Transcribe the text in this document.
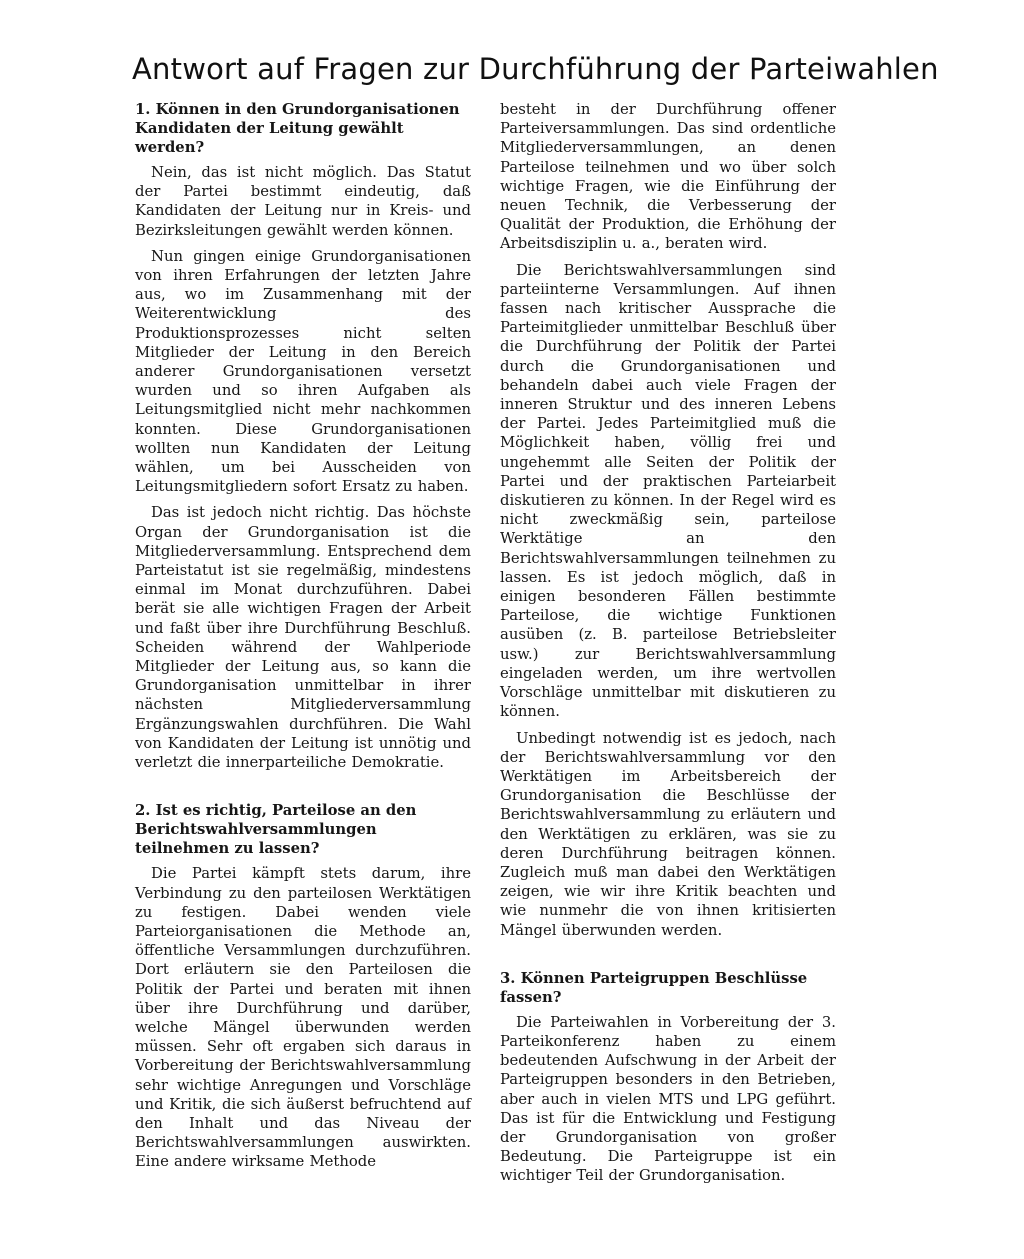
Antwort auf Fragen zur Durchführung der Parteiwahlen
1. Können in den Grundorganisationen Kandidaten der Leitung gewählt werden?

Nein, das ist nicht möglich. Das Statut der Partei bestimmt eindeutig, daß Kandidaten der Leitung nur in Kreis- und Bezirksleitungen gewählt werden können.

Nun gingen einige Grundorganisationen von ihren Erfahrungen der letzten Jahre aus, wo im Zusammenhang mit der Weiterentwicklung des Produktionsprozesses nicht selten Mitglieder der Leitung in den Bereich anderer Grundorganisationen versetzt wurden und so ihren Aufgaben als Leitungsmitglied nicht mehr nachkommen konnten. Diese Grundorganisationen wollten nun Kandidaten der Leitung wählen, um bei Ausscheiden von Leitungsmitgliedern sofort Ersatz zu haben.

Das ist jedoch nicht richtig. Das höchste Organ der Grundorganisation ist die Mitgliederversammlung. Entsprechend dem Parteistatut ist sie regelmäßig, mindestens einmal im Monat durchzuführen. Dabei berät sie alle wichtigen Fragen der Arbeit und faßt über ihre Durchführung Beschluß. Scheiden während der Wahlperiode Mitglieder der Leitung aus, so kann die Grundorganisation unmittelbar in ihrer nächsten Mitgliederversammlung Ergänzungswahlen durchführen. Die Wahl von Kandidaten der Leitung ist unnötig und verletzt die innerparteiliche Demokratie.

2. Ist es richtig, Parteilose an den Berichtswahlversammlungen teilnehmen zu lassen?

Die Partei kämpft stets darum, ihre Verbindung zu den parteilosen Werktätigen zu festigen. Dabei wenden viele Parteiorganisationen die Methode an, öffentliche Versammlungen durchzuführen. Dort erläutern sie den Parteilosen die Politik der Partei und beraten mit ihnen über ihre Durchführung und darüber, welche Mängel überwunden werden müssen. Sehr oft ergaben sich daraus in Vorbereitung der Berichtswahlversammlung sehr wichtige Anregungen und Vorschläge und Kritik, die sich äußerst befruchtend auf den Inhalt und das Niveau der Berichtswahlversammlungen auswirkten. Eine andere wirksame Methode

besteht in der Durchführung offener Parteiversammlungen. Das sind ordentliche Mitgliederversammlungen, an denen Parteilose teilnehmen und wo über solch wichtige Fragen, wie die Einführung der neuen Technik, die Verbesserung der Qualität der Produktion, die Erhöhung der Arbeitsdisziplin u. a., beraten wird.

Die Berichtswahlversammlungen sind parteiinterne Versammlungen. Auf ihnen fassen nach kritischer Aussprache die Parteimitglieder unmittelbar Beschluß über die Durchführung der Politik der Partei durch die Grundorganisationen und behandeln dabei auch viele Fragen der inneren Struktur und des inneren Lebens der Partei. Jedes Parteimitglied muß die Möglichkeit haben, völlig frei und ungehemmt alle Seiten der Politik der Partei und der praktischen Parteiarbeit diskutieren zu können. In der Regel wird es nicht zweckmäßig sein, parteilose Werktätige an den Berichtswahlversammlungen teilnehmen zu lassen. Es ist jedoch möglich, daß in einigen besonderen Fällen bestimmte Parteilose, die wichtige Funktionen ausüben (z. B. parteilose Betriebsleiter usw.) zur Berichtswahlversammlung eingeladen werden, um ihre wertvollen Vorschläge unmittelbar mit diskutieren zu können.

Unbedingt notwendig ist es jedoch, nach der Berichtswahlversammlung vor den Werktätigen im Arbeitsbereich der Grundorganisation die Beschlüsse der Berichtswahlversammlung zu erläutern und den Werktätigen zu erklären, was sie zu deren Durchführung beitragen können. Zugleich muß man dabei den Werktätigen zeigen, wie wir ihre Kritik beachten und wie nunmehr die von ihnen kritisierten Mängel überwunden werden.

3. Können Parteigruppen Beschlüsse fassen?

Die Parteiwahlen in Vorbereitung der 3. Parteikonferenz haben zu einem bedeutenden Aufschwung in der Arbeit der Parteigruppen besonders in den Betrieben, aber auch in vielen MTS und LPG geführt. Das ist für die Entwicklung und Festigung der Grundorganisation von großer Bedeutung. Die Parteigruppe ist ein wichtiger Teil der Grundorganisation.
